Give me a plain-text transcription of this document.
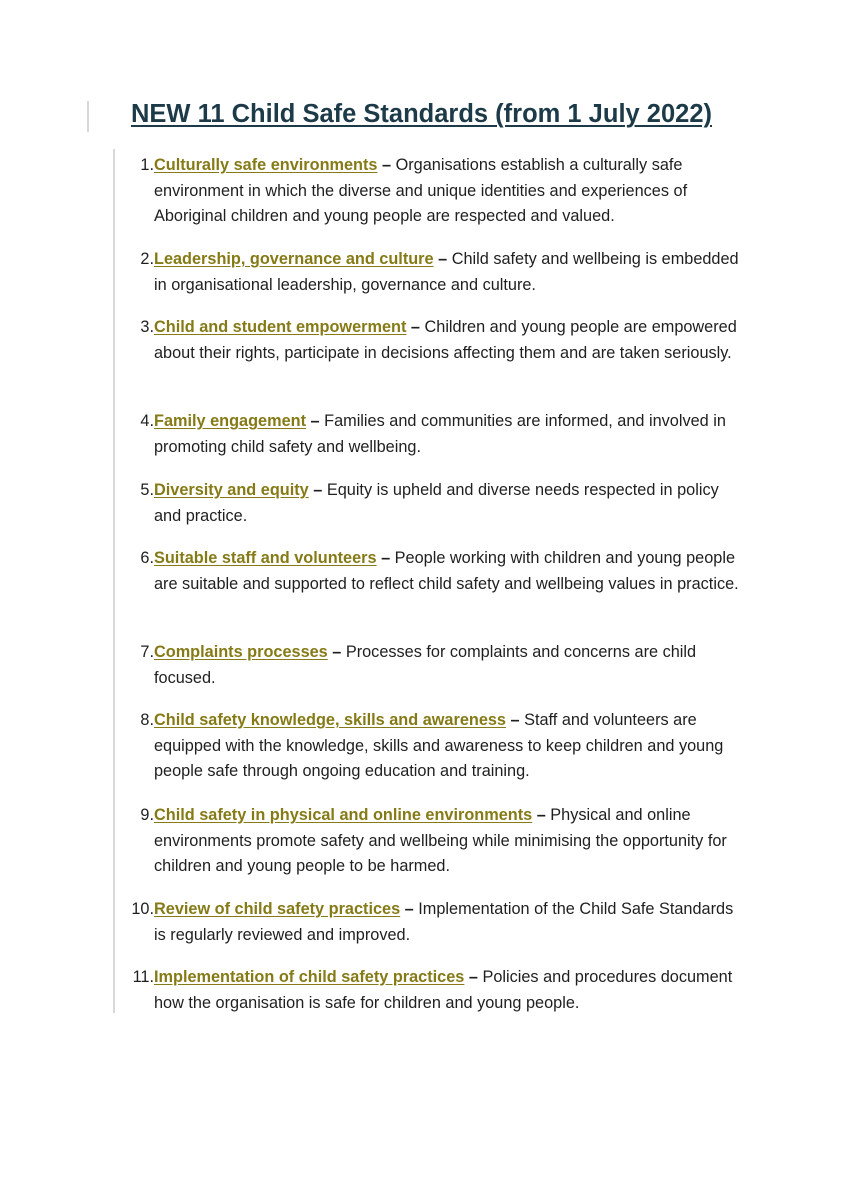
NEW 11 Child Safe Standards (from 1 July 2022)
1. Culturally safe environments – Organisations establish a culturally safe environment in which the diverse and unique identities and experiences of Aboriginal children and young people are respected and valued.
2. Leadership, governance and culture – Child safety and wellbeing is embedded in organisational leadership, governance and culture.
3. Child and student empowerment – Children and young people are empowered about their rights, participate in decisions affecting them and are taken seriously.
4. Family engagement – Families and communities are informed, and involved in promoting child safety and wellbeing.
5. Diversity and equity – Equity is upheld and diverse needs respected in policy and practice.
6. Suitable staff and volunteers – People working with children and young people are suitable and supported to reflect child safety and wellbeing values in practice.
7. Complaints processes – Processes for complaints and concerns are child focused.
8. Child safety knowledge, skills and awareness – Staff and volunteers are equipped with the knowledge, skills and awareness to keep children and young people safe through ongoing education and training.
9. Child safety in physical and online environments – Physical and online environments promote safety and wellbeing while minimising the opportunity for children and young people to be harmed.
10. Review of child safety practices – Implementation of the Child Safe Standards is regularly reviewed and improved.
11. Implementation of child safety practices – Policies and procedures document how the organisation is safe for children and young people.
